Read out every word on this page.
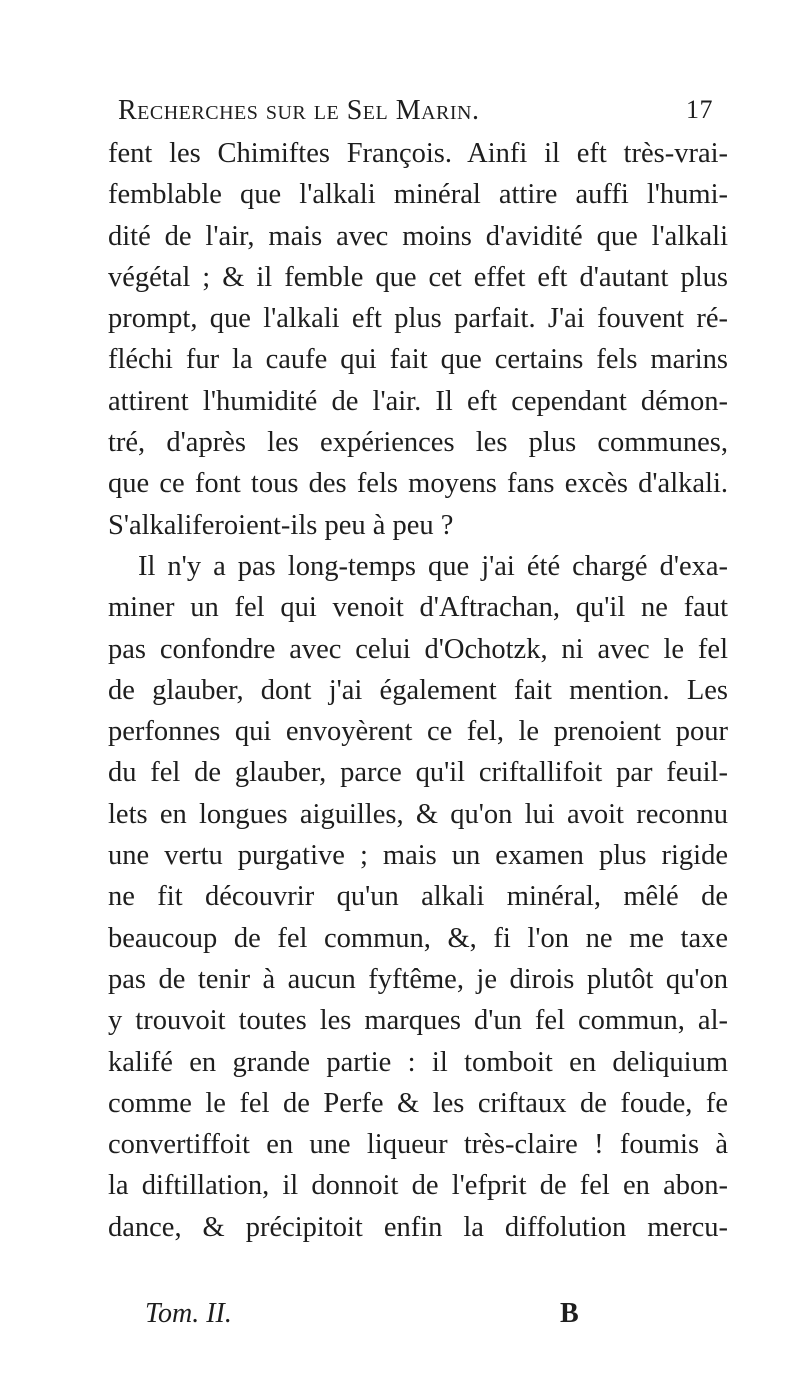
Recherches sur le Sel Marin.	17
fent les Chimiftes François. Ainfi il eft très-vrai-
femblable que l'alkali minéral attire auffi l'humi-
dité de l'air, mais avec moins d'avidité que l'alkali
végétal ; & il femble que cet effet eft d'autant plus
prompt, que l'alkali eft plus parfait. J'ai fouvent ré-
fléchi fur la caufe qui fait que certains fels marins
attirent l'humidité de l'air. Il eft cependant démon-
tré, d'après les expériences les plus communes,
que ce font tous des fels moyens fans excès d'alkali.
S'alkaliferoient-ils peu à peu ?
Il n'y a pas long-temps que j'ai été chargé d'exa-
miner un fel qui venoit d'Aftrachan, qu'il ne faut
pas confondre avec celui d'Ochotzk, ni avec le fel
de glauber, dont j'ai également fait mention. Les
perfonnes qui envoyèrent ce fel, le prenoient pour
du fel de glauber, parce qu'il criftallifoit par feuil-
lets en longues aiguilles, & qu'on lui avoit reconnu
une vertu purgative ; mais un examen plus rigide
ne fit découvrir qu'un alkali minéral, mêlé de
beaucoup de fel commun, &, fi l'on ne me taxe
pas de tenir à aucun fyftême, je dirois plutôt qu'on
y trouvoit toutes les marques d'un fel commun, al-
kalifé en grande partie : il tomboit en deliquium
comme le fel de Perfe & les criftaux de foude, fe
convertiffoit en une liqueur très-claire ! foumis à
la diftillation, il donnoit de l'efprit de fel en abon-
dance, & précipitoit enfin la diffolution mercu-
Tom. II.	B
